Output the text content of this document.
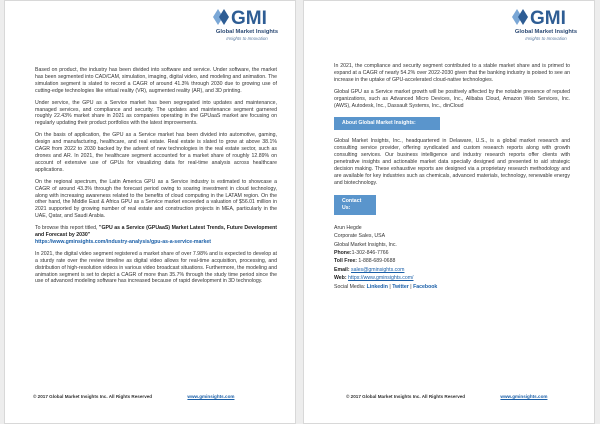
GMI
Global Market Insights
Insights to Innovation

Based on product, the industry has been divided into software and service. Under software, the market has been segmented into CAD/CAM, simulation, imaging, digital video, and modeling and animation. The simulation segment is slated to record a CAGR of around 41.3% through 2030 due to growing use of cutting-edge technologies like virtual reality (VR), augmented reality (AR), and 3D printing.

Under service, the GPU as a Service market has been segregated into updates and maintenance, managed services, and compliance and security. The updates and maintenance segment garnered roughly 22.43% market share in 2021 as companies operating in the GPUaaS market are focusing on regularly updating their product portfolios with the latest improvements.

On the basis of application, the GPU as a Service market has been divided into automotive, gaming, design and manufacturing, healthcare, and real estate. Real estate is slated to grow at above 38.1% CAGR from 2022 to 2030 backed by the advent of new technologies in the real estate sector, such as drones and AR. In 2021, the healthcare segment accounted for a market share of roughly 12.89% on account of extensive use of GPUs for visualizing data for real-time analysis across healthcare applications.

On the regional spectrum, the Latin America GPU as a Service industry is estimated to showcase a CAGR of around 43.3% through the forecast period owing to soaring investment in cloud technology, along with increasing awareness related to the benefits of cloud computing in the LATAM region. On the other hand, the Middle East & Africa GPU as a Service market exceeded a valuation of $56.01 million in 2021 supported by growing number of real estate and construction projects in MEA, particularly in the UAE, Qatar, and Saudi Arabia.

To browse this report titled, "GPU as a Service (GPUaaS) Market Latest Trends, Future Development and Forecast by 2030"
https://www.gminsights.com/industry-analysis/gpu-as-a-service-market

In 2021, the digital video segment registered a market share of over 7.98% and is expected to develop at a sturdy rate over the review timeline as digital video allows for real-time acquisition, processing, and distribution of high-resolution videos in various video broadcast situations. Furthermore, the modeling and animation segment is set to depict a CAGR of more than 35.7% through the study time period since the use of advanced modeling software has increased because of rapid development in 3D technology.

© 2017 Global Market Insights Inc. All Rights Reserved	www.gminsights.com
GMI
Global Market Insights
Insights to Innovation

In 2021, the compliance and security segment contributed to a stable market share and is primed to expand at a CAGR of nearly 54.2% over 2022-2030 given that the banking industry is poised to see an increase in the uptake of GPU-accelerated cloud-native technologies.

Global GPU as a Service market growth will be positively affected by the notable presence of reputed organizations, such as Advanced Micro Devices, Inc., Alibaba Cloud, Amazon Web Services, Inc. (AWS), Autodesk, Inc., Dassault Systems, Inc., dinCloud

About Global Market Insights:

Global Market Insights, Inc., headquartered in Delaware, U.S., is a global market research and consulting service provider, offering syndicated and custom research reports along with growth consulting services. Our business intelligence and industry research reports offer clients with penetrative insights and actionable market data specially designed and presented to aid strategic decision making. These exhaustive reports are designed via a proprietary research methodology and are available for key industries such as chemicals, advanced materials, technology, renewable energy and biotechnology.

Contact Us:

Arun Hegde

Corporate Sales, USA

Global Market Insights, Inc.

Phone:1-302-846-7766

Toll Free: 1-888-689-0688

Email: sales@gminsights.com

Web: https://www.gminsights.com/

Social Media: Linkedin | Twitter | Facebook

© 2017 Global Market Insights Inc. All Rights Reserved	www.gminsights.com
